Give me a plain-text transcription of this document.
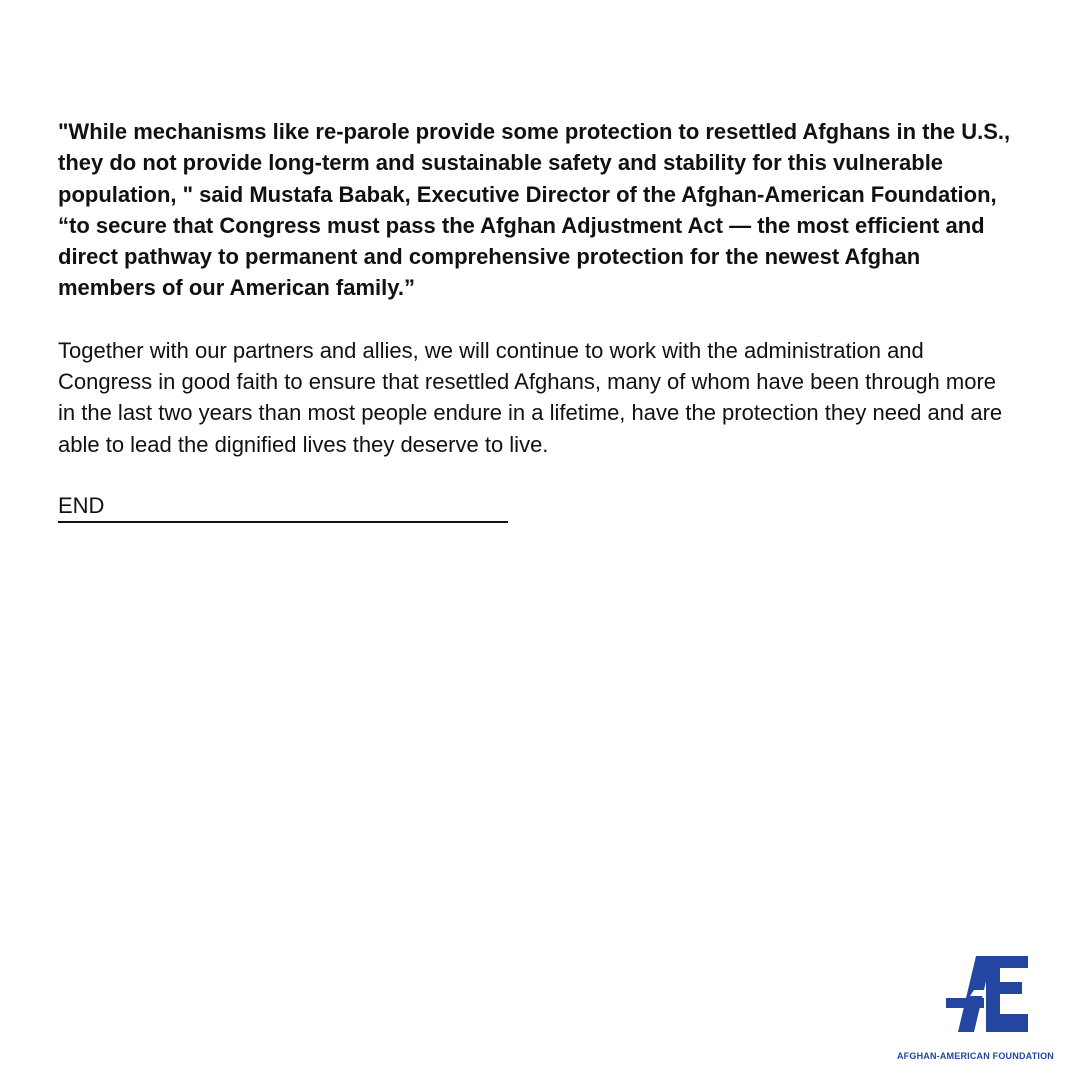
"While mechanisms like re-parole provide some protection to resettled Afghans in the U.S., they do not provide long-term and sustainable safety and stability for this vulnerable population, " said Mustafa Babak, Executive Director of the Afghan-American Foundation, “to secure that Congress must pass the Afghan Adjustment Act — the most efficient and direct pathway to permanent and comprehensive protection for the newest Afghan members of our American family.”

Together with our partners and allies, we will continue to work with the administration and Congress in good faith to ensure that resettled Afghans, many of whom have been through more in the last two years than most people endure in a lifetime, have the protection they need and are able to lead the dignified lives they deserve to live.

END

AFGHAN-AMERICAN FOUNDATION
